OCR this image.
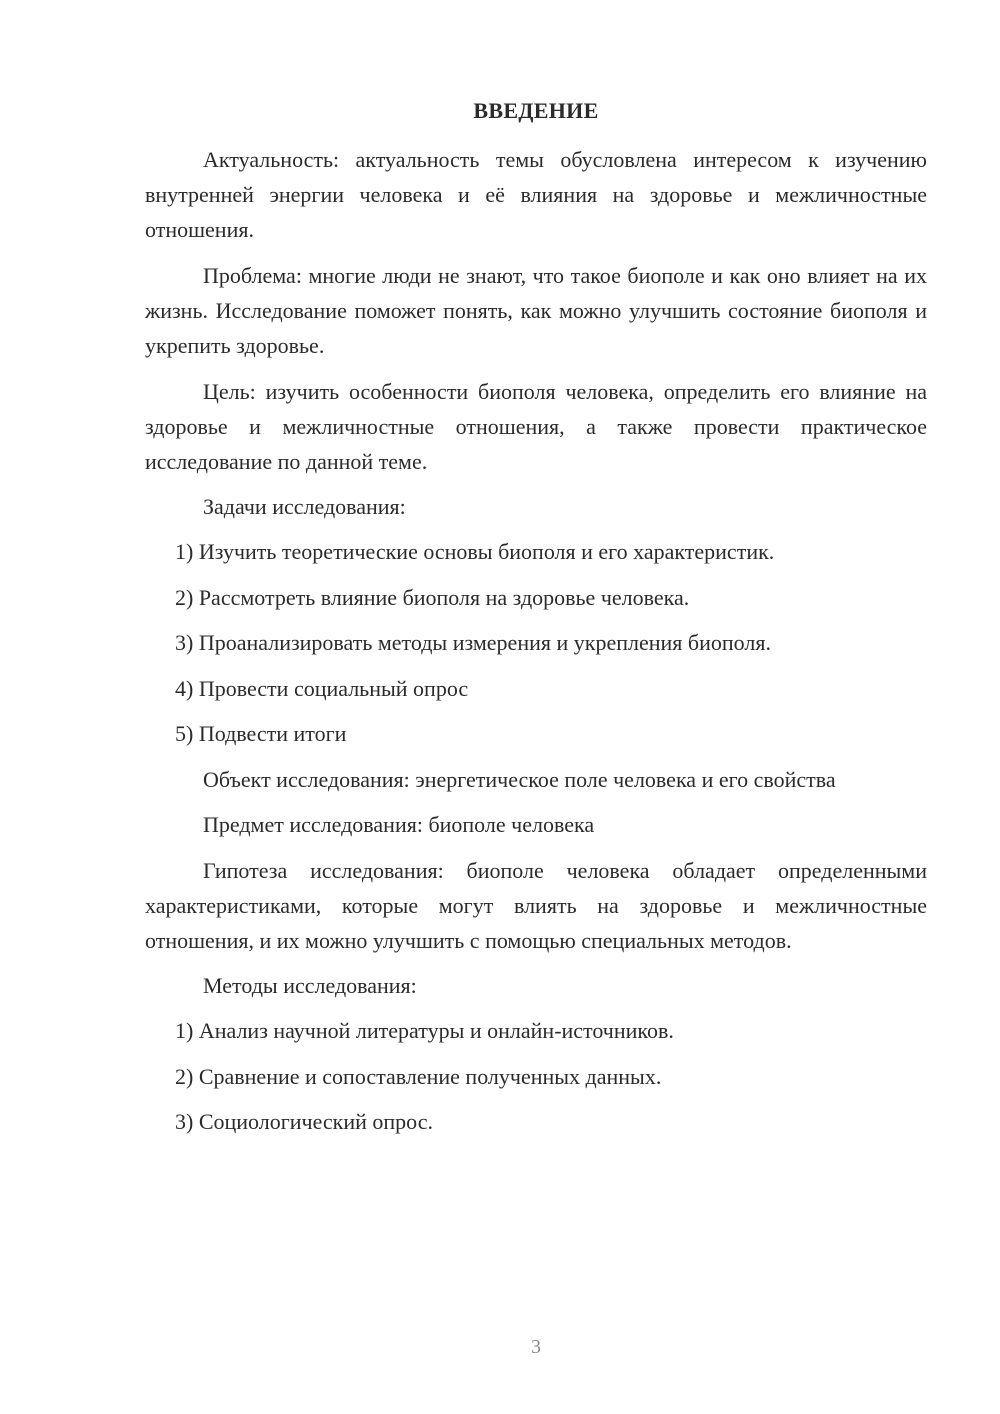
ВВЕДЕНИЕ

Актуальность: актуальность темы обусловлена интересом к изучению внутренней энергии человека и её влияния на здоровье и межличностные отношения.

Проблема: многие люди не знают, что такое биополе и как оно влияет на их жизнь. Исследование поможет понять, как можно улучшить состояние биополя и укрепить здоровье.

Цель: изучить особенности биополя человека, определить его влияние на здоровье и межличностные отношения, а также провести практическое исследование по данной теме.

Задачи исследования:

1) Изучить теоретические основы биополя и его характеристик.

2) Рассмотреть влияние биополя на здоровье человека.

3) Проанализировать методы измерения и укрепления биополя.

4) Провести социальный опрос

5) Подвести итоги

Объект исследования: энергетическое поле человека и его свойства

Предмет исследования: биополе человека

Гипотеза исследования: биополе человека обладает определенными характеристиками, которые могут влиять на здоровье и межличностные отношения, и их можно улучшить с помощью специальных методов.

Методы исследования:

1) Анализ научной литературы и онлайн-источников.

2) Сравнение и сопоставление полученных данных.

3) Социологический опрос.

3
